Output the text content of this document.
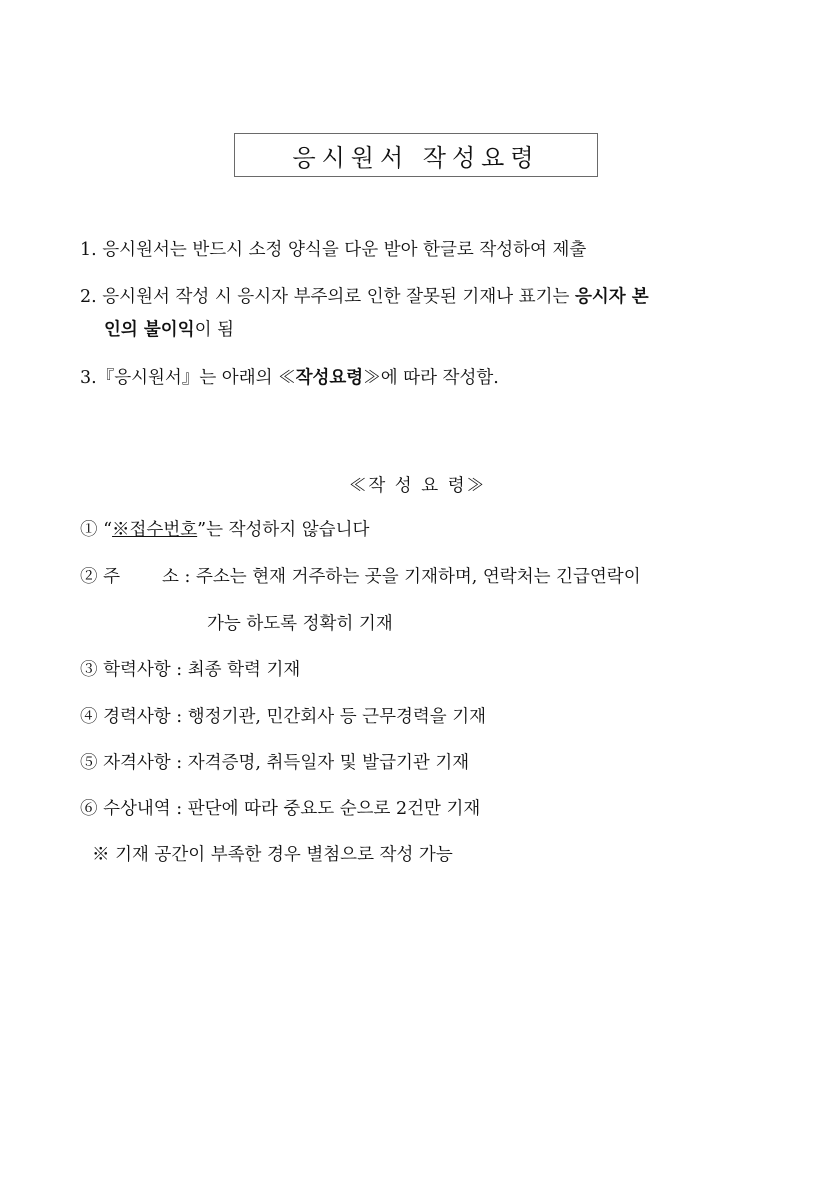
응시원서 작성요령
1. 응시원서는 반드시 소정 양식을 다운 받아 한글로 작성하여 제출
2. 응시원서 작성 시 응시자 부주의로 인한 잘못된 기재나 표기는 응시자 본
인의 불이익이 됨
3.『응시원서』는 아래의 ≪작성요령≫에 따라 작성함.
≪작 성 요 령≫
① “※접수번호”는 작성하지 않습니다
② 주 소 : 주소는 현재 거주하는 곳을 기재하며, 연락처는 긴급연락이
가능 하도록 정확히 기재
③ 학력사항 : 최종 학력 기재
④ 경력사항 : 행정기관, 민간회사 등 근무경력을 기재
⑤ 자격사항 : 자격증명, 취득일자 및 발급기관 기재
⑥ 수상내역 : 판단에 따라 중요도 순으로 2건만 기재
※ 기재 공간이 부족한 경우 별첨으로 작성 가능
